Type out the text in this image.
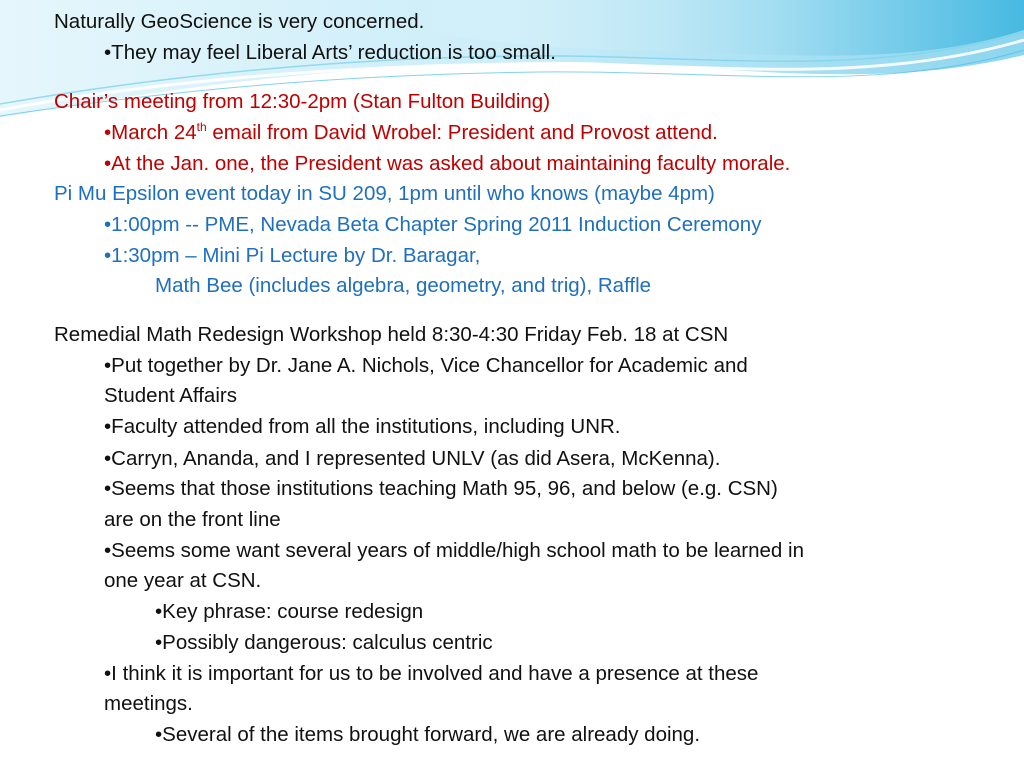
Naturally GeoScience is very concerned.
•They may feel Liberal Arts’ reduction is too small.
Chair’s meeting from 12:30-2pm (Stan Fulton Building)
•March 24th email from David Wrobel: President and Provost attend.
•At the Jan. one, the President was asked about maintaining faculty morale.
Pi Mu Epsilon event today in SU 209, 1pm until who knows (maybe 4pm)
•1:00pm -- PME, Nevada Beta Chapter Spring 2011 Induction Ceremony
•1:30pm – Mini Pi Lecture by Dr. Baragar,
Math Bee (includes algebra, geometry, and trig), Raffle
Remedial Math Redesign Workshop held 8:30-4:30 Friday Feb. 18 at CSN
•Put together by Dr. Jane A. Nichols, Vice Chancellor for Academic and
Student Affairs
•Faculty attended from all the institutions, including UNR.
•Carryn, Ananda, and I represented UNLV (as did Asera, McKenna).
•Seems that those institutions teaching Math 95, 96, and below (e.g. CSN)
are on the front line
•Seems some want several years of middle/high school math to be learned in
one year at CSN.
•Key phrase: course redesign
•Possibly dangerous: calculus centric
•I think it is important for us to be involved and have a presence at these
meetings.
•Several of the items brought forward, we are already doing.
